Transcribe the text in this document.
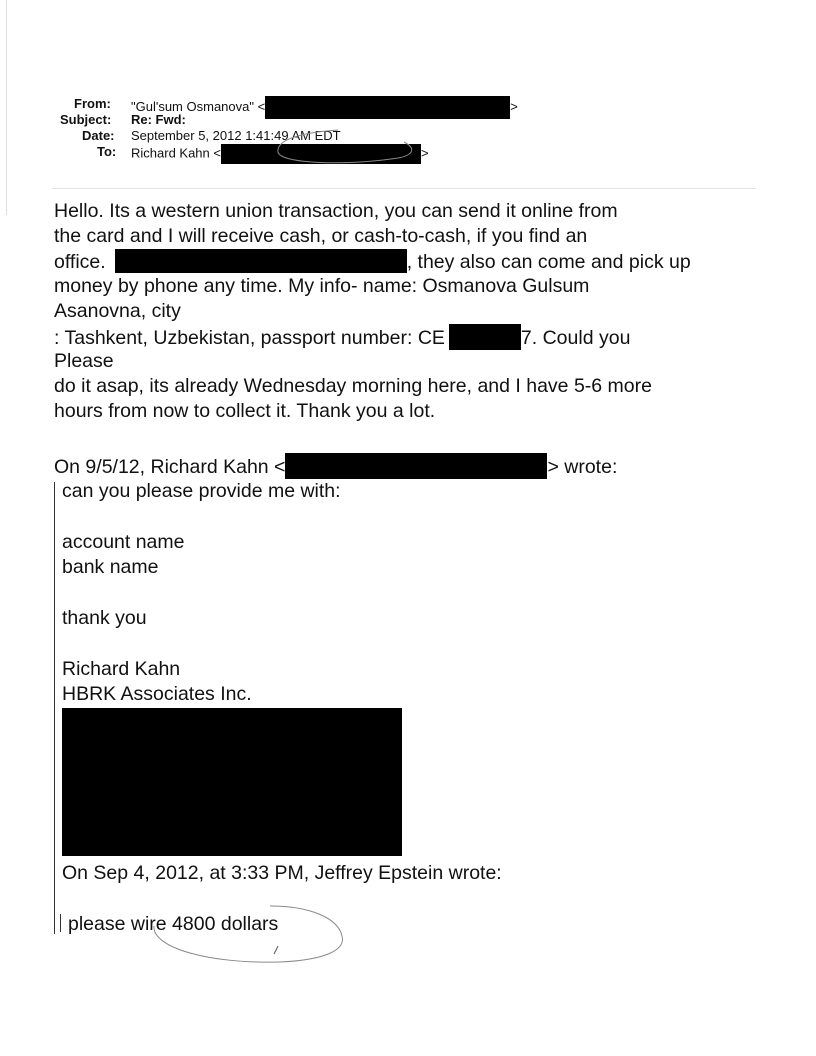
From: "Gul'sum Osmanova" <	>
Subject: Re: Fwd:
Date: September 5, 2012 1:41:49 AM EDT
To: Richard Kahn <	>
Hello. Its a western union transaction, you can send it online from
the card and I will receive cash, or cash-to-cash, if you find an
office.	, they also can come and pick up
money by phone any time. My info- name: Osmanova Gulsum
Asanovna, city
: Tashkent, Uzbekistan, passport number: CE	7. Could you
Please
do it asap, its already Wednesday morning here, and I have 5-6 more
hours from now to collect it. Thank you a lot.
On 9/5/12, Richard Kahn <	> wrote:
can you please provide me with:
account name
bank name
thank you
Richard Kahn
HBRK Associates Inc.
On Sep 4, 2012, at 3:33 PM, Jeffrey Epstein wrote:
please wire 4800 dollars
